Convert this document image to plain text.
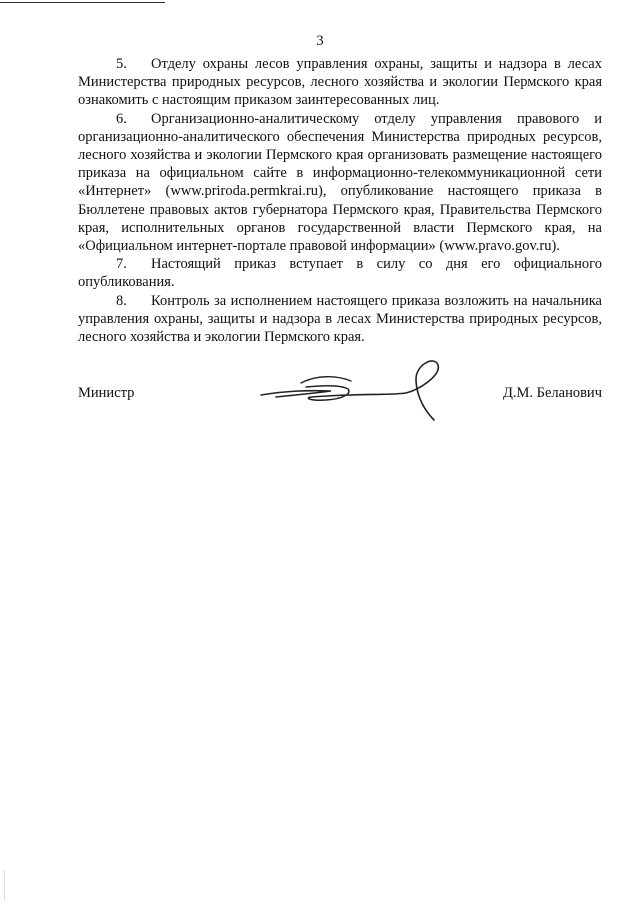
3

5. Отделу охраны лесов управления охраны, защиты и надзора в лесах Министерства природных ресурсов, лесного хозяйства и экологии Пермского края ознакомить с настоящим приказом заинтересованных лиц.

6. Организационно-аналитическому отделу управления правового и организационно-аналитического обеспечения Министерства природных ресурсов, лесного хозяйства и экологии Пермского края организовать размещение настоящего приказа на официальном сайте в информационно-телекоммуникационной сети «Интернет» (www.priroda.permkrai.ru), опубликование настоящего приказа в Бюллетене правовых актов губернатора Пермского края, Правительства Пермского края, исполнительных органов государственной власти Пермского края, на «Официальном интернет-портале правовой информации» (www.pravo.gov.ru).

7. Настоящий приказ вступает в силу со дня его официального опубликования.

8. Контроль за исполнением настоящего приказа возложить на начальника управления охраны, защиты и надзора в лесах Министерства природных ресурсов, лесного хозяйства и экологии Пермского края.

Министр	Д.М. Беланович
